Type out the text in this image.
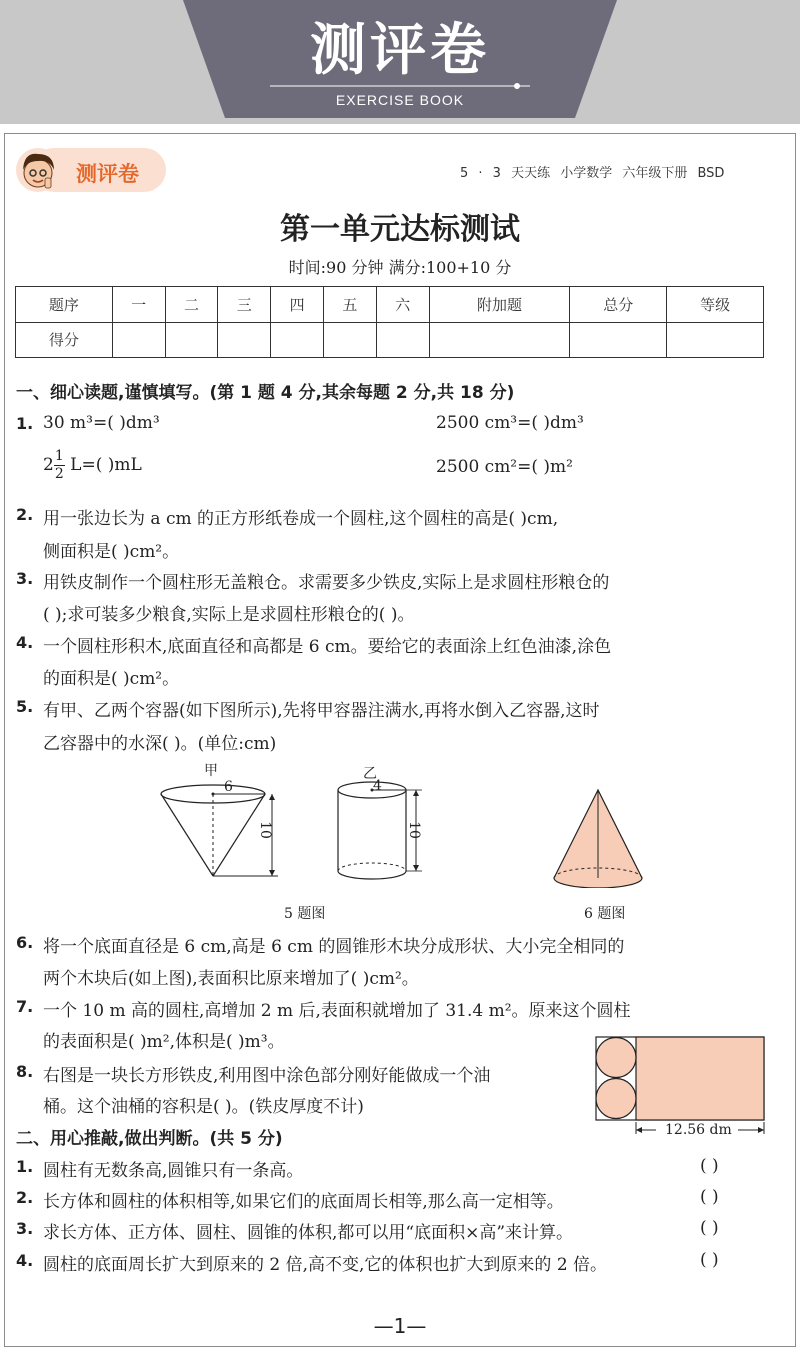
测评卷
EXERCISE BOOK
测评卷	5 · 3 天天练 小学数学 六年级下册 BSD
第一单元达标测试
时间:90 分钟 满分:100+10 分
题序	一	二	三	四	五	六	附加题	总分	等级
得分									
一、细心读题,谨慎填写。(第 1 题 4 分,其余每题 2 分,共 18 分)
1. 30 m³=( )dm³	2500 cm³=( )dm³
$2 \frac{1}{2} L=$( )mL	2500 cm²=( )m²
2. 用一张边长为 a cm 的正方形纸卷成一个圆柱,这个圆柱的高是( )cm,
侧面积是( )cm²。
3. 用铁皮制作一个圆柱形无盖粮仓。求需要多少铁皮,实际上是求圆柱形粮仓的
( );求可装多少粮食,实际上是求圆柱形粮仓的( )。
4. 一个圆柱形积木,底面直径和高都是 6 cm。要给它的表面涂上红色油漆,涂色
的面积是( )cm²。
5. 有甲、乙两个容器(如下图所示),先将甲容器注满水,再将水倒入乙容器,这时
乙容器中的水深( )。(单位:cm)
甲
6
乙
4
10	10
5 题图	6 题图
6. 将一个底面直径是 6 cm,高是 6 cm 的圆锥形木块分成形状、大小完全相同的
两个木块后(如上图),表面积比原来增加了( )cm²。
7. 一个 10 m 高的圆柱,高增加 2 m 后,表面积就增加了 31.4 m²。原来这个圆柱
的表面积是( )m²,体积是( )m³。
8. 右图是一块长方形铁皮,利用图中涂色部分刚好能做成一个油
桶。这个油桶的容积是( )。(铁皮厚度不计)
12.56 dm
二、用心推敲,做出判断。(共 5 分)
1. 圆柱有无数条高,圆锥只有一条高。	( )
2. 长方体和圆柱的体积相等,如果它们的底面周长相等,那么高一定相等。	( )
3. 求长方体、正方体、圆柱、圆锥的体积,都可以用“底面积×高”来计算。	( )
4. 圆柱的底面周长扩大到原来的 2 倍,高不变,它的体积也扩大到原来的 2 倍。	( )
—1—
